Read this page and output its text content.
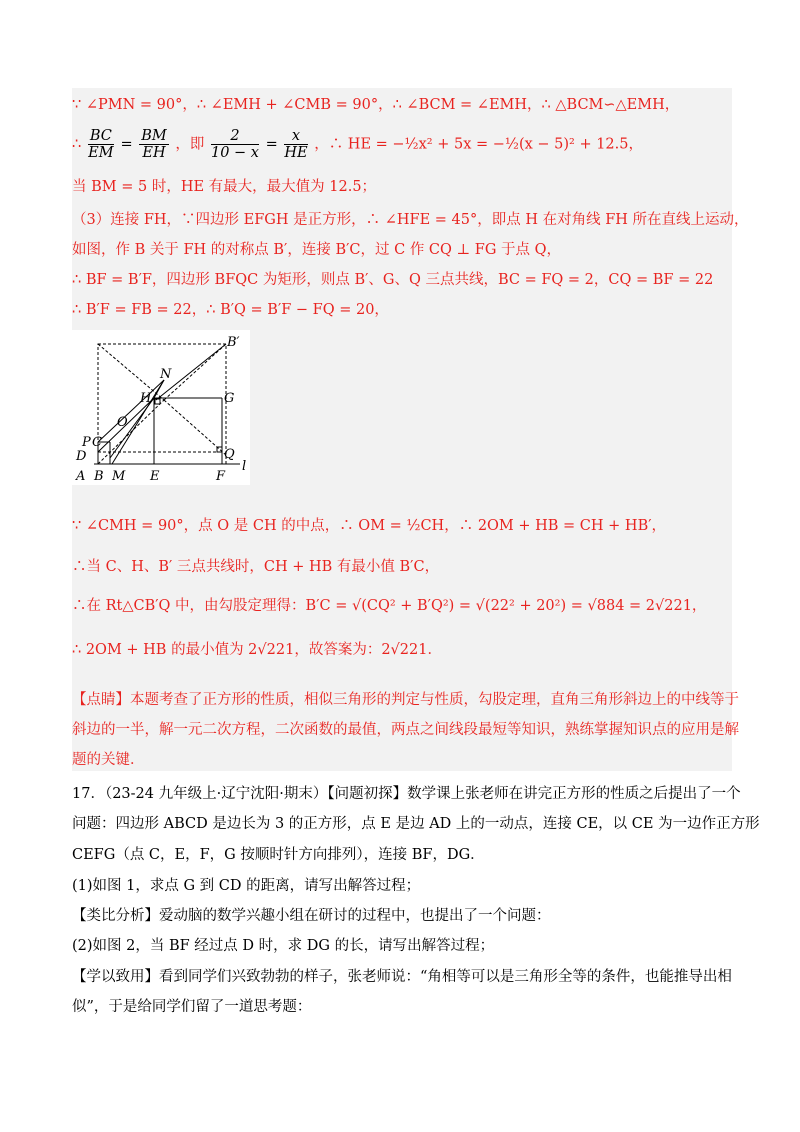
∵ ∠PMN = 90°，∴ ∠EMH + ∠CMB = 90°，∴ ∠BCM = ∠EMH，∴ △BCM∽△EMH，
∴ $\frac{BC}{EM} = \frac{BM}{EH}$ ，即 $\frac{2}{10 - x} = \frac{x}{HE}$ ，∴ HE = −½x² + 5x = −½(x − 5)² + 12.5，
当 BM = 5 时，HE 有最大，最大值为 12.5；
（3）连接 FH，∵四边形 EFGH 是正方形，∴ ∠HFE = 45°，即点 H 在对角线 FH 所在直线上运动，
如图，作 B 关于 FH 的对称点 B′，连接 B′C，过 C 作 CQ ⊥ FG 于点 Q，
∴ BF = B′F，四边形 BFQC 为矩形，则点 B′、G、Q 三点共线，BC = FQ = 2，CQ = BF = 22
∴ B′F = FB = 22，∴ B′Q = B′F − FQ = 20，
B′
N
H	G
O
P C
D	Q
A B M E	F
l
∵ ∠CMH = 90°，点 O 是 CH 的中点，∴ OM = ½CH，∴ 2OM + HB = CH + HB′，
∴当 C、H、B′ 三点共线时，CH + HB 有最小值 B′C，
∴在 Rt△CB′Q 中，由勾股定理得：B′C = √(CQ² + B′Q²) = √(22² + 20²) = √884 = 2√221，
∴ 2OM + HB 的最小值为 2√221，故答案为：2√221．
【点睛】本题考查了正方形的性质，相似三角形的判定与性质，勾股定理，直角三角形斜边上的中线等于
斜边的一半，解一元二次方程，二次函数的最值，两点之间线段最短等知识，熟练掌握知识点的应用是解
题的关键．
17．（23-24 九年级上·辽宁沈阳·期末）【问题初探】数学课上张老师在讲完正方形的性质之后提出了一个
问题：四边形 ABCD 是边长为 3 的正方形，点 E 是边 AD 上的一动点，连接 CE，以 CE 为一边作正方形
CEFG（点 C，E，F，G 按顺时针方向排列），连接 BF，DG．
(1)如图 1，求点 G 到 CD 的距离，请写出解答过程；
【类比分析】爱动脑的数学兴趣小组在研讨的过程中，也提出了一个问题：
(2)如图 2，当 BF 经过点 D 时，求 DG 的长，请写出解答过程；
【学以致用】看到同学们兴致勃勃的样子，张老师说：“角相等可以是三角形全等的条件，也能推导出相
似”，于是给同学们留了一道思考题：
